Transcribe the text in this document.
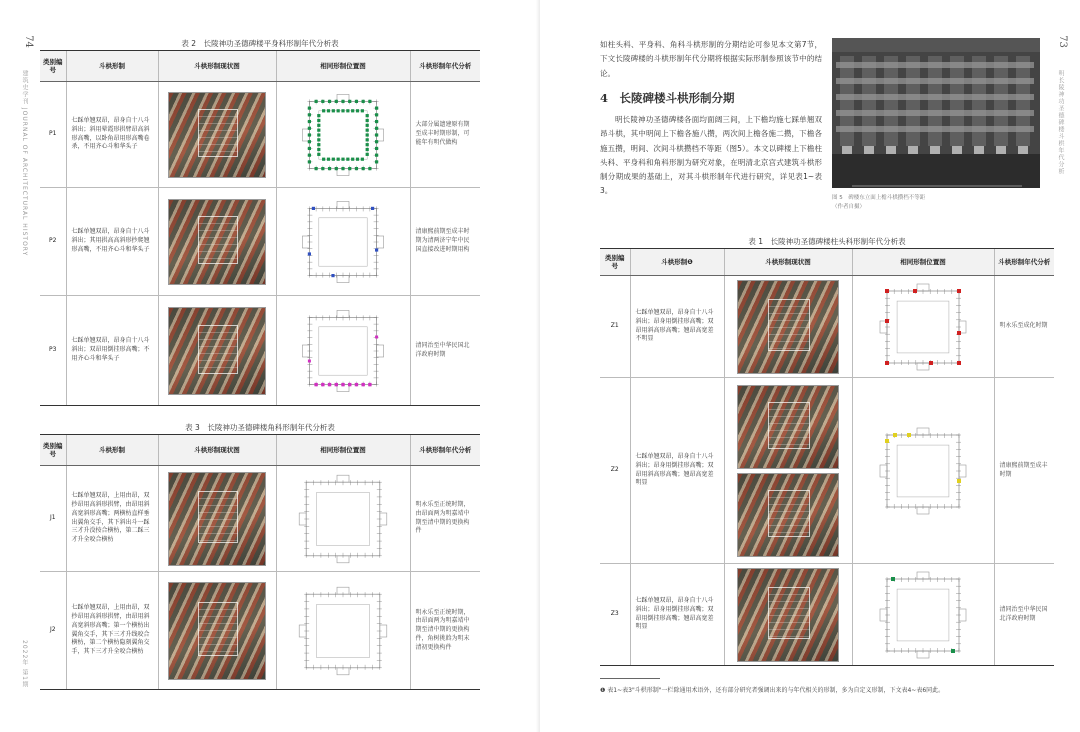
74
建筑史学刊 JOURNAL OF ARCHITECTURAL HISTORY
2022年 第1期
表 2　长陵神功圣德碑楼平身科形制年代分析表
类别编号	斗栱形制	斗栱形制现状图	相同形制位置图	斗栱形制年代分析
P1	七踩单翘双昂，昂身自十八斗斜出；斜用晕霞形拱臂昂高斜形高嘴，以卧角昂用形高嘴卷杀，不用齐心斗和华头子			大部分属遗建原有期至成丰时期形制，可能年有明代做构
P2	七踩单翘双昂，昂身自十八斗斜出；其用拱高高斜形抄爬翘形高嘴，不用齐心斗和华头子			清康熙前期至成丰时期为清两济宁年中民国直接改进时期用构
P3	七踩单翘双昂，昂身自十八斗斜出；双昂用倒挂形高嘴；不用齐心斗和华头子			清同治至中华民国北洋政府时期
表 3　长陵神功圣德碑楼角科形制年代分析表
类别编号	斗栱形制	斗栱形制现状图	相同形制位置图	斗栱形制年代分析
J1	七踩单翘双昂，上用由昂，双抄昂用高斜形拱臂，由昂用斜高宽斜形高嘴；两横枋直样垂出翼角交手，其下斜出斗一踩三才升没按合横枋，第二踩三才升全咬合横枋			明永乐至正统时期，由昂面两为明嘉靖中期至清中期的更换构件
J2	七踩单翘双昂，上用由昂，双抄昂用高斜形拱臂，由昂用斜高宽斜形高嘴；第一个横枋出翼角交手，其下三才升线咬合横枋，第二个横枋隐刻翼角交手，其下三才升全咬合横枋			明永乐至正统时期，由昂面两为明嘉靖中期至清中期的更换构件，角树挑斡为明末清初更换构件
73
明长陵神功圣德碑楼斗栱年代分析

如柱头科、平身科、角科斗栱形制的分期结论可参见本文第7节，下文长陵碑楼的斗栱形制年代分期将根据实际形制参照该节中的结论。

4　长陵碑楼斗栱形制分期

明长陵神功圣德碑楼各面均面阔三间，上下檐均施七踩单翘双昂斗栱，其中明间上下檐各施八攒，两次间上檐各施二攒，下檐各施五攒，明间、次间斗栱攒档不等距（图5）。本文以碑楼上下檐柱头科、平身科和角科形制为研究对象，在明清北京宫式建筑斗栱形制分期成果的基础上，对其斗栱形制年代进行研究，详见表1~表3。

图 5　碑楼东立面上檐斗栱攒档不等距

（作者自摄）

表 1　长陵神功圣德碑楼柱头科形制年代分析表
类别编号	斗栱形制❶	斗栱形制现状图	相同形制位置图	斗栱形制年代分析
Z1	七踩单翘双昂，昂身自十八斗斜出；昂身用倒挂形高嘴；双昂用斜高形高嘴；翘昂高宽差不明显			明永乐至成化时期
Z2	七踩单翘双昂，昂身自十八斗斜出；昂身用倒挂形高嘴；双昂用斜高形高嘴；翘昂高宽差明显			清康熙前期至成丰时期
Z3	七踩单翘双昂，昂身自十八斗斜出；昂身用倒挂形高嘴；双昂用倒挂形高嘴；翘昂高宽差明显			清同治至中华民国北洋政府时期

❶ 表1~表3"斗栱形制"一栏除通用术语外，还有部分研究者强调出来的与年代相关的形制，多为自定义形制，下文表4~表6同此。
